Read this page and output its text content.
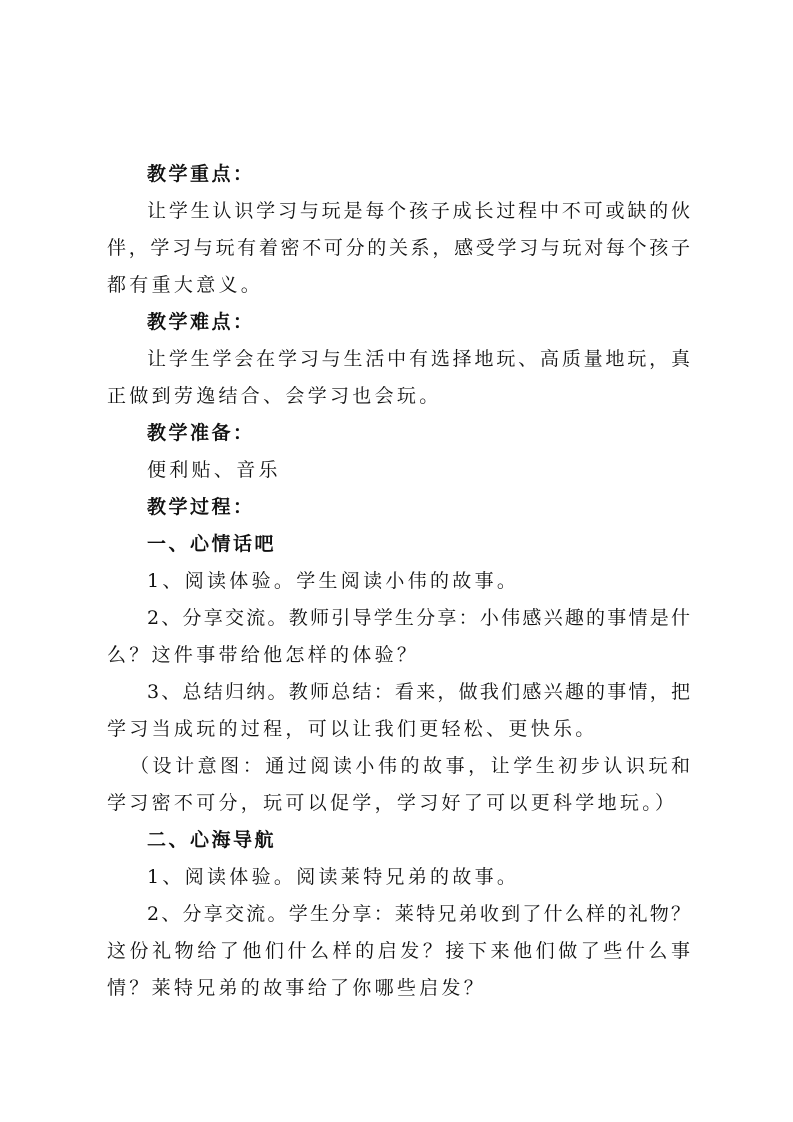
教学重点：
让学生认识学习与玩是每个孩子成长过程中不可或缺的伙
伴，学习与玩有着密不可分的关系，感受学习与玩对每个孩子
都有重大意义。
教学难点：
让学生学会在学习与生活中有选择地玩、高质量地玩，真
正做到劳逸结合、会学习也会玩。
教学准备：
便利贴、音乐
教学过程：
一、心情话吧
1、阅读体验。学生阅读小伟的故事。
2、分享交流。教师引导学生分享：小伟感兴趣的事情是什
么？这件事带给他怎样的体验？
3、总结归纳。教师总结：看来，做我们感兴趣的事情，把
学习当成玩的过程，可以让我们更轻松、更快乐。
（设计意图：通过阅读小伟的故事，让学生初步认识玩和
学习密不可分，玩可以促学，学习好了可以更科学地玩。）
二、心海导航
1、阅读体验。阅读莱特兄弟的故事。
2、分享交流。学生分享：莱特兄弟收到了什么样的礼物？
这份礼物给了他们什么样的启发？接下来他们做了些什么事
情？莱特兄弟的故事给了你哪些启发？
